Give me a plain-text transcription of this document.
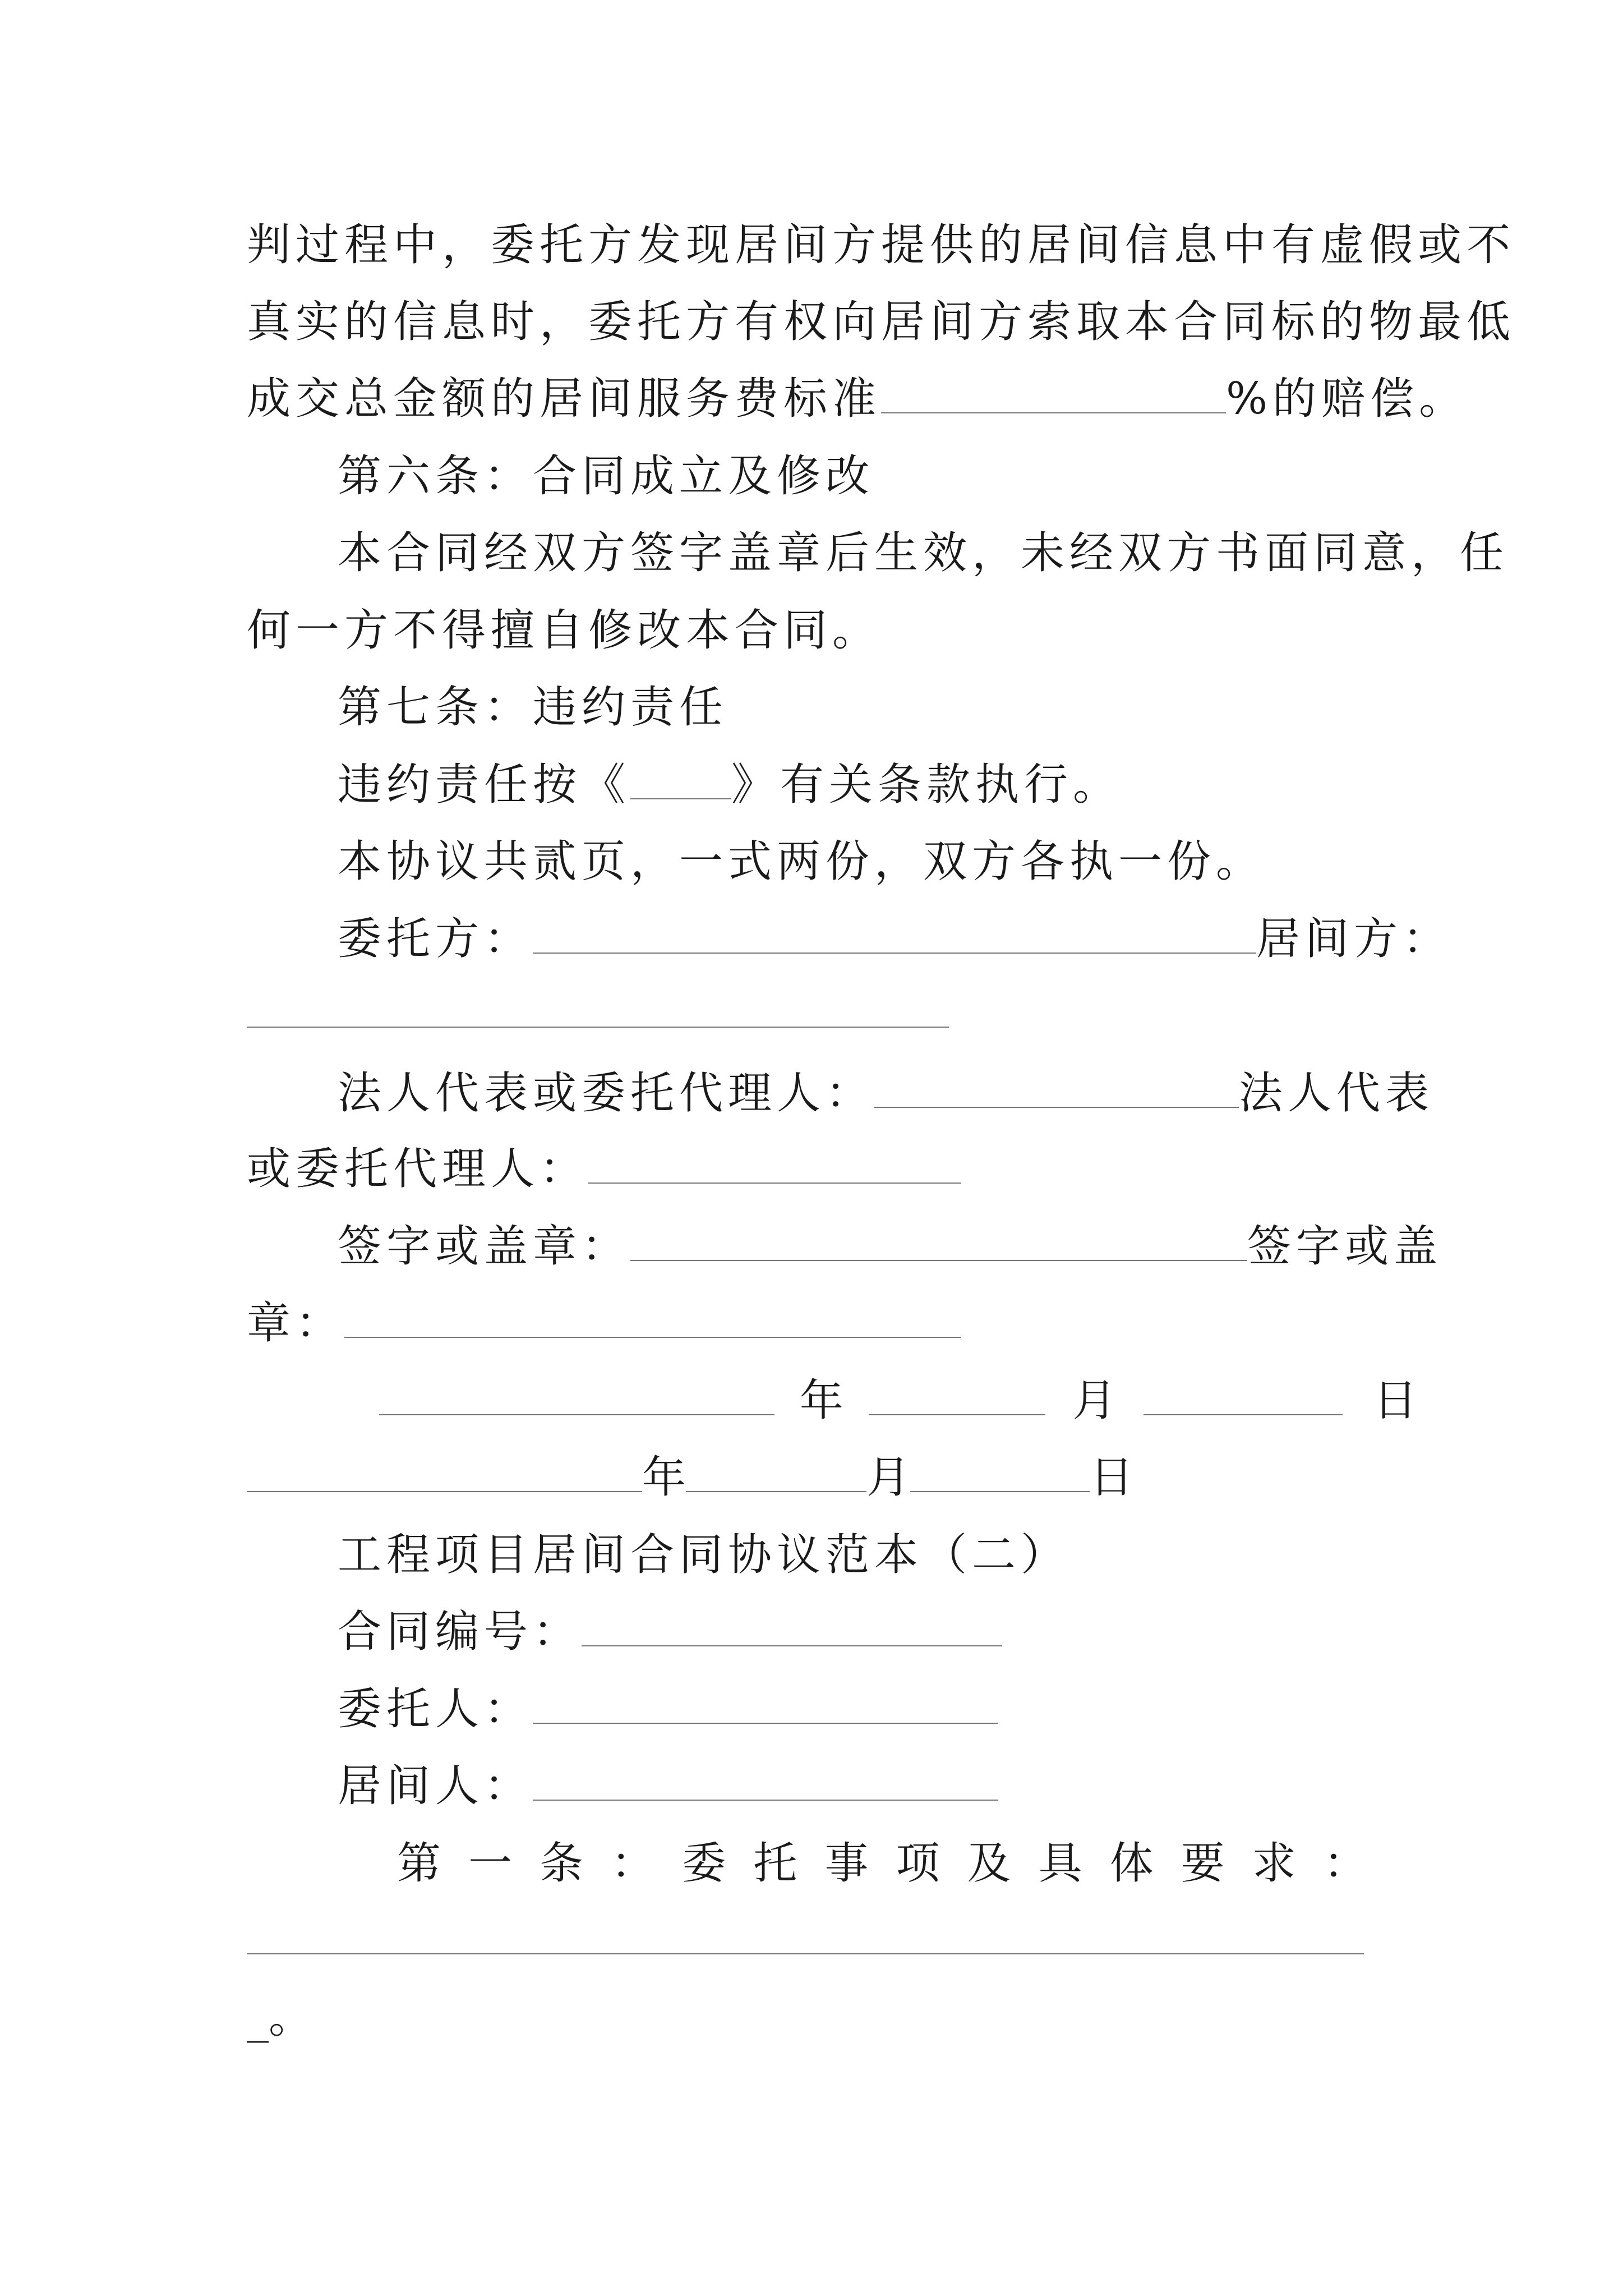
判过程中，委托方发现居间方提供的居间信息中有虚假或不
真实的信息时，委托方有权向居间方索取本合同标的物最低
成交总金额的居间服务费标准	%的赔偿。
第六条：合同成立及修改
本合同经双方签字盖章后生效，未经双方书面同意，任
何一方不得擅自修改本合同。
第七条：违约责任
违约责任按《 》有关条款执行。
本协议共贰页，一式两份，双方各执一份。
委托方：	居间方：
法人代表或委托代理人：	法人代表
或委托代理人：
签字或盖章：	签字或盖
章：
年	月	日
年	月	日
工程项目居间合同协议范本（二）
合同编号：
委托人：
居间人：
第 一 条 ： 委 托 事 项 及 具 体 要 求 ：
_。
